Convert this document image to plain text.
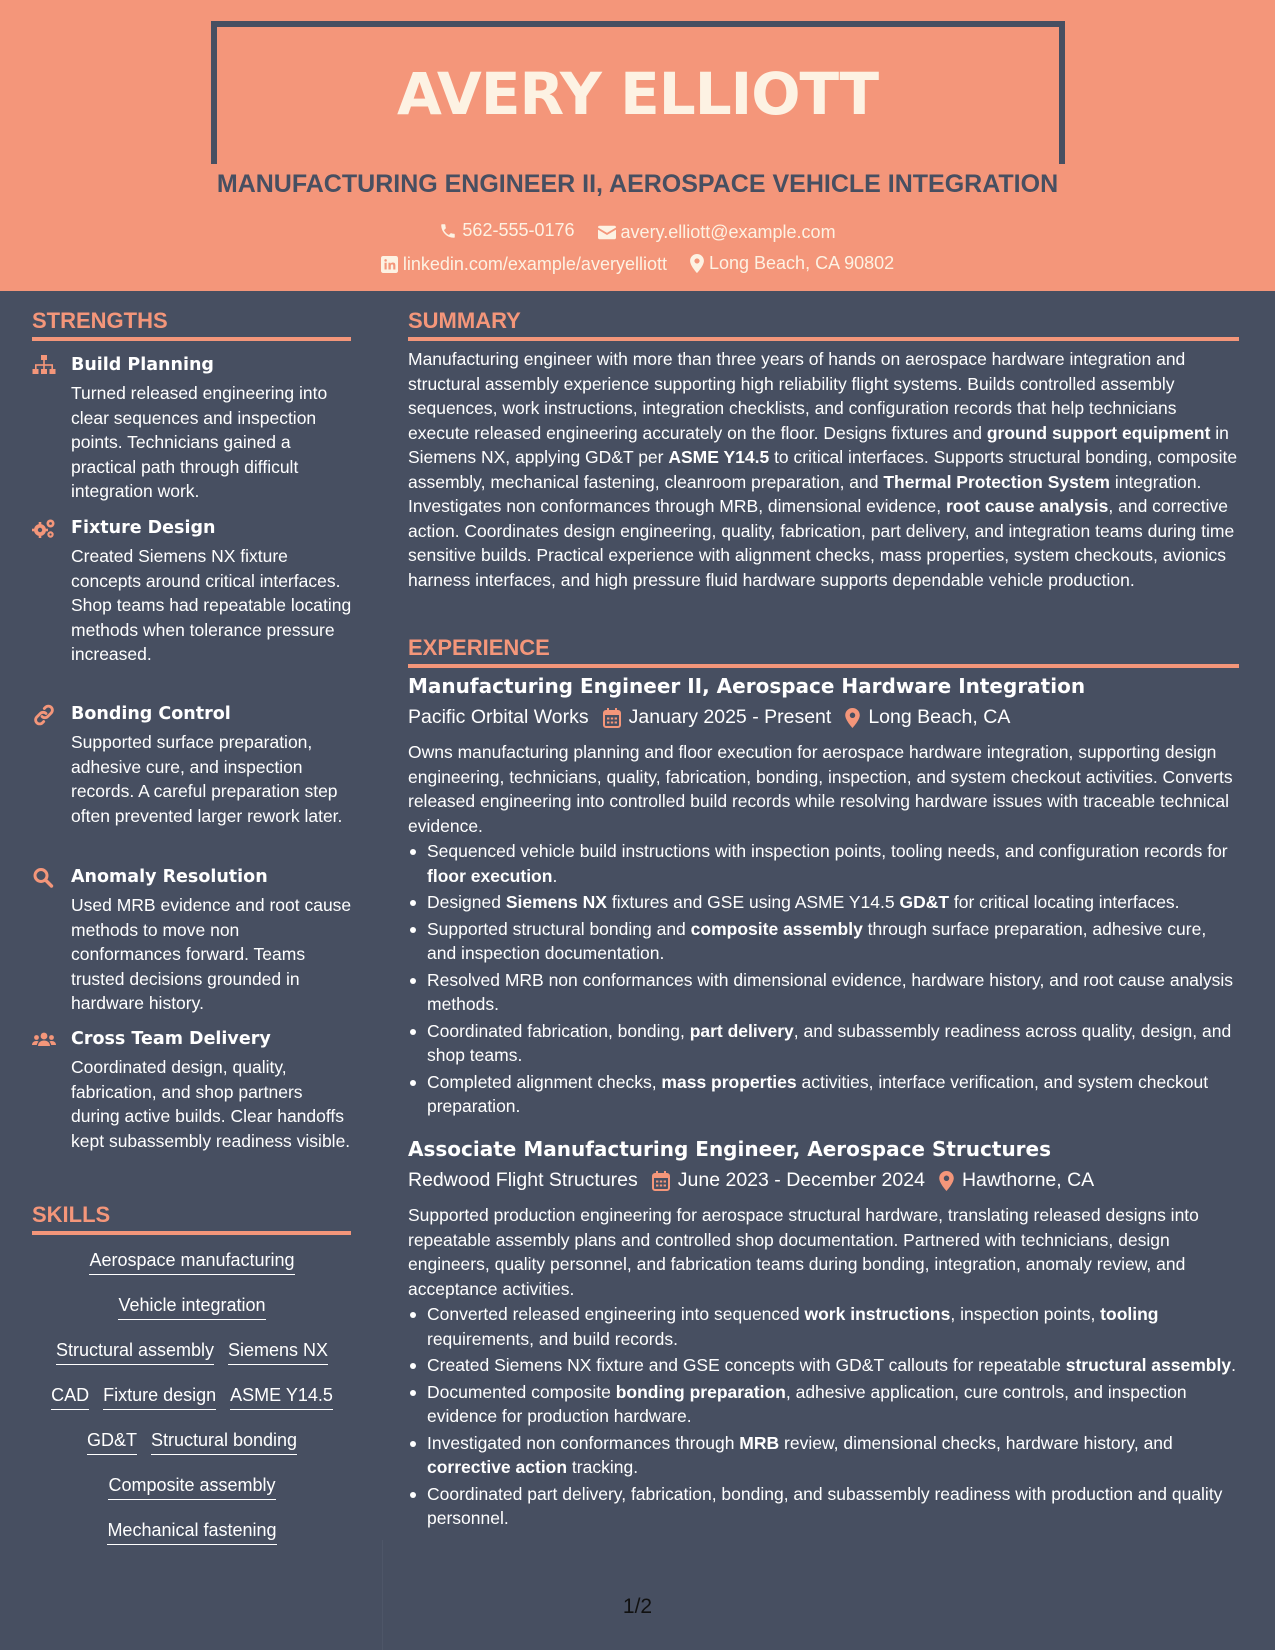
AVERY ELLIOTT
MANUFACTURING ENGINEER II, AEROSPACE VEHICLE INTEGRATION
562-555-0176
	avery.elliott@example.com
linkedin.com/example/averyelliott
Long Beach, CA 90802
STRENGTHS
Build Planning
Turned released engineering into clear sequences and inspection points. Technicians gained a practical path through difficult integration work.
Fixture Design
Created Siemens NX fixture concepts around critical interfaces. Shop teams had repeatable locating methods when tolerance pressure increased.
Bonding Control
Supported surface preparation, adhesive cure, and inspection records. A careful preparation step often prevented larger rework later.
Anomaly Resolution
Used MRB evidence and root cause methods to move non conformances forward. Teams trusted decisions grounded in hardware history.
Cross Team Delivery
Coordinated design, quality, fabrication, and shop partners during active builds. Clear handoffs kept subassembly readiness visible.
SKILLS
Aerospace manufacturing
Vehicle integration
Structural assembly Siemens NX
CAD Fixture design ASME Y14.5
GD&T Structural bonding
Composite assembly
Mechanical fastening
SUMMARY
Manufacturing engineer with more than three years of hands on aerospace hardware integration and structural assembly experience supporting high reliability flight systems. Builds controlled assembly sequences, work instructions, integration checklists, and configuration records that help technicians execute released engineering accurately on the floor. Designs fixtures and ground support equipment in Siemens NX, applying GD&T per ASME Y14.5 to critical interfaces. Supports structural bonding, composite assembly, mechanical fastening, cleanroom preparation, and Thermal Protection System integration. Investigates non conformances through MRB, dimensional evidence, root cause analysis, and corrective action. Coordinates design engineering, quality, fabrication, part delivery, and integration teams during time sensitive builds. Practical experience with alignment checks, mass properties, system checkouts, avionics harness interfaces, and high pressure fluid hardware supports dependable vehicle production.
EXPERIENCE
Manufacturing Engineer II, Aerospace Hardware Integration
Pacific Orbital Works January 2025 - Present Long Beach, CA
Owns manufacturing planning and floor execution for aerospace hardware integration, supporting design engineering, technicians, quality, fabrication, bonding, inspection, and system checkout activities. Converts released engineering into controlled build records while resolving hardware issues with traceable technical evidence.
Sequenced vehicle build instructions with inspection points, tooling needs, and configuration records for floor execution.
Designed Siemens NX fixtures and GSE using ASME Y14.5 GD&T for critical locating interfaces.
Supported structural bonding and composite assembly through surface preparation, adhesive cure, and inspection documentation.
Resolved MRB non conformances with dimensional evidence, hardware history, and root cause analysis methods.
Coordinated fabrication, bonding, part delivery, and subassembly readiness across quality, design, and shop teams.
Completed alignment checks, mass properties activities, interface verification, and system checkout preparation.
Associate Manufacturing Engineer, Aerospace Structures
Redwood Flight Structures June 2023 - December 2024 Hawthorne, CA
Supported production engineering for aerospace structural hardware, translating released designs into repeatable assembly plans and controlled shop documentation. Partnered with technicians, design engineers, quality personnel, and fabrication teams during bonding, integration, anomaly review, and acceptance activities.
Converted released engineering into sequenced work instructions, inspection points, tooling requirements, and build records.
Created Siemens NX fixture and GSE concepts with GD&T callouts for repeatable structural assembly.
Documented composite bonding preparation, adhesive application, cure controls, and inspection evidence for production hardware.
Investigated non conformances through MRB review, dimensional checks, hardware history, and corrective action tracking.
Coordinated part delivery, fabrication, bonding, and subassembly readiness with production and quality personnel.
1/2
